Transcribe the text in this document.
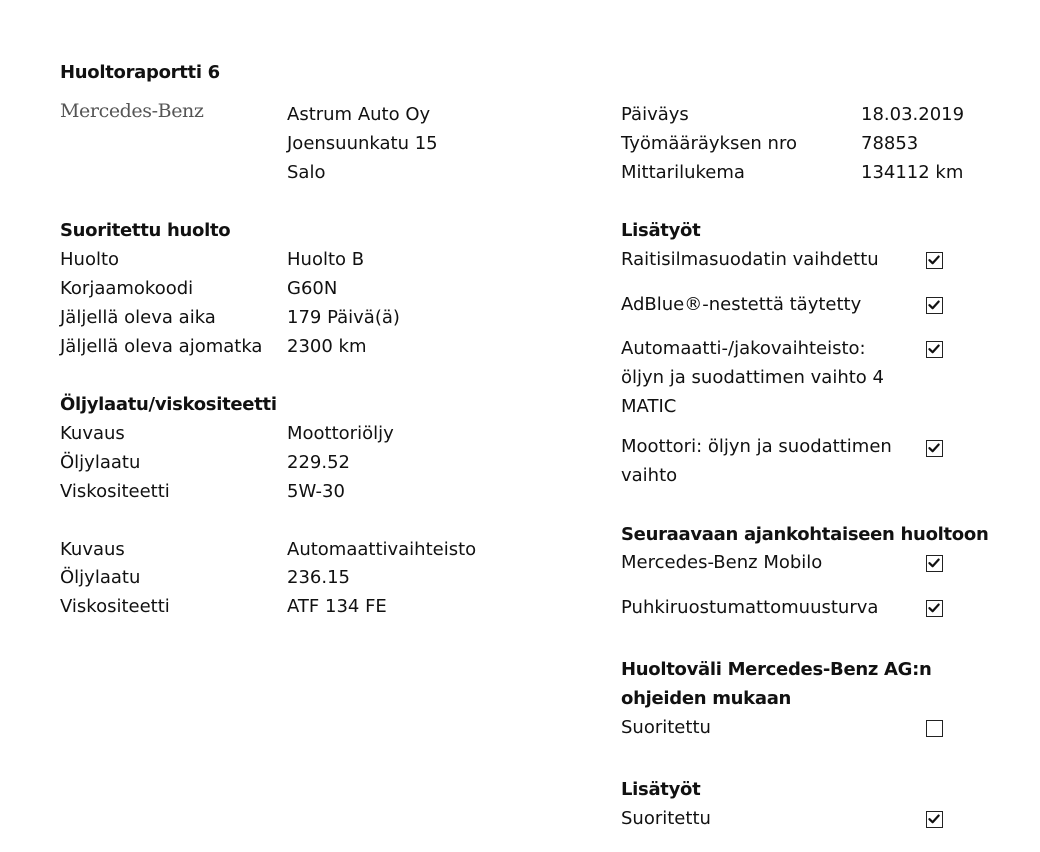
Huoltoraportti 6
Mercedes-Benz	Astrum Auto Oy
Joensuunkatu 15
Salo
Päiväys	18.03.2019
Työmääräyksen nro	78853
Mittarilukema	134112 km
Suoritettu huolto
Huolto	Huolto B
Korjaamokoodi	G60N
Jäljellä oleva aika	179 Päivä(ä)
Jäljellä oleva ajomatka 2300 km
Öljylaatu/viskositeetti
Kuvaus	Moottoriöljy
Öljylaatu	229.52
Viskositeetti	5W-30
Kuvaus	Automaattivaihteisto
Öljylaatu	236.15
Viskositeetti	ATF 134 FE
Lisätyöt
Raitisilmasuodatin vaihdettu
AdBlue®-nestettä täytetty
Automaatti-/jakovaihteisto: öljyn ja suodattimen vaihto 4 MATIC
Moottori: öljyn ja suodattimen vaihto
Seuraavaan ajankohtaiseen huoltoon
Mercedes-Benz Mobilo
Puhkiruostumattomuusturva
Huoltoväli Mercedes-Benz AG:n ohjeiden mukaan
Suoritettu
Lisätyöt
Suoritettu
